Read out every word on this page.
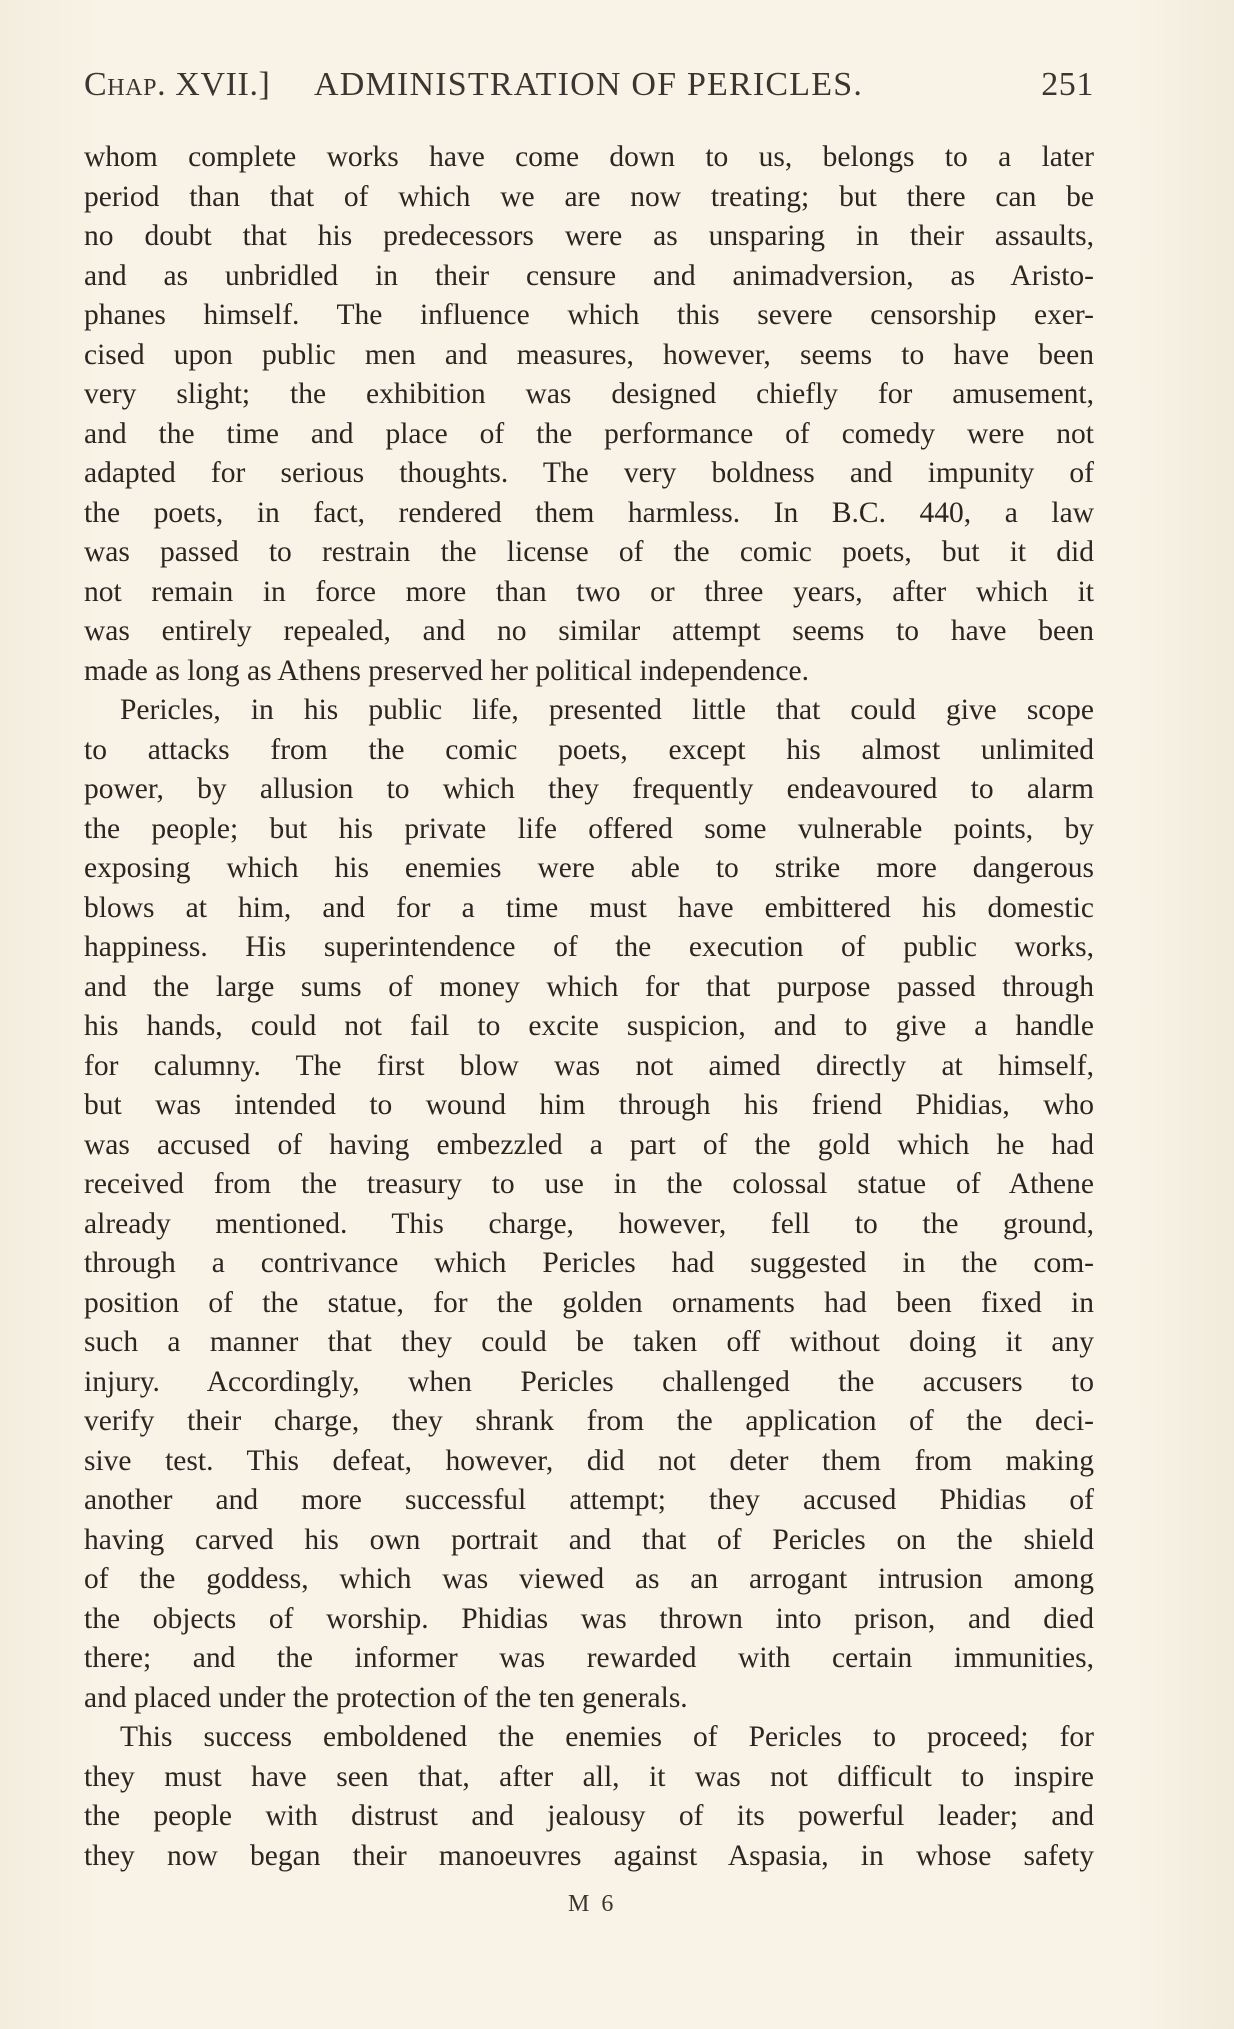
Chap. XVII.] ADMINISTRATION OF PERICLES.	251
whom complete works have come down to us, belongs to a later
period than that of which we are now treating; but there can be
no doubt that his predecessors were as unsparing in their assaults,
and as unbridled in their censure and animadversion, as Aristo-
phanes himself. The influence which this severe censorship exer-
cised upon public men and measures, however, seems to have been
very slight; the exhibition was designed chiefly for amusement,
and the time and place of the performance of comedy were not
adapted for serious thoughts. The very boldness and impunity of
the poets, in fact, rendered them harmless. In B.C. 440, a law
was passed to restrain the license of the comic poets, but it did
not remain in force more than two or three years, after which it
was entirely repealed, and no similar attempt seems to have been
made as long as Athens preserved her political independence.
Pericles, in his public life, presented little that could give scope
to attacks from the comic poets, except his almost unlimited
power, by allusion to which they frequently endeavoured to alarm
the people; but his private life offered some vulnerable points, by
exposing which his enemies were able to strike more dangerous
blows at him, and for a time must have embittered his domestic
happiness. His superintendence of the execution of public works,
and the large sums of money which for that purpose passed through
his hands, could not fail to excite suspicion, and to give a handle
for calumny. The first blow was not aimed directly at himself,
but was intended to wound him through his friend Phidias, who
was accused of having embezzled a part of the gold which he had
received from the treasury to use in the colossal statue of Athene
already mentioned. This charge, however, fell to the ground,
through a contrivance which Pericles had suggested in the com-
position of the statue, for the golden ornaments had been fixed in
such a manner that they could be taken off without doing it any
injury. Accordingly, when Pericles challenged the accusers to
verify their charge, they shrank from the application of the deci-
sive test. This defeat, however, did not deter them from making
another and more successful attempt; they accused Phidias of
having carved his own portrait and that of Pericles on the shield
of the goddess, which was viewed as an arrogant intrusion among
the objects of worship. Phidias was thrown into prison, and died
there; and the informer was rewarded with certain immunities,
and placed under the protection of the ten generals.
This success emboldened the enemies of Pericles to proceed; for
they must have seen that, after all, it was not difficult to inspire
the people with distrust and jealousy of its powerful leader; and
they now began their manoeuvres against Aspasia, in whose safety
M 6
